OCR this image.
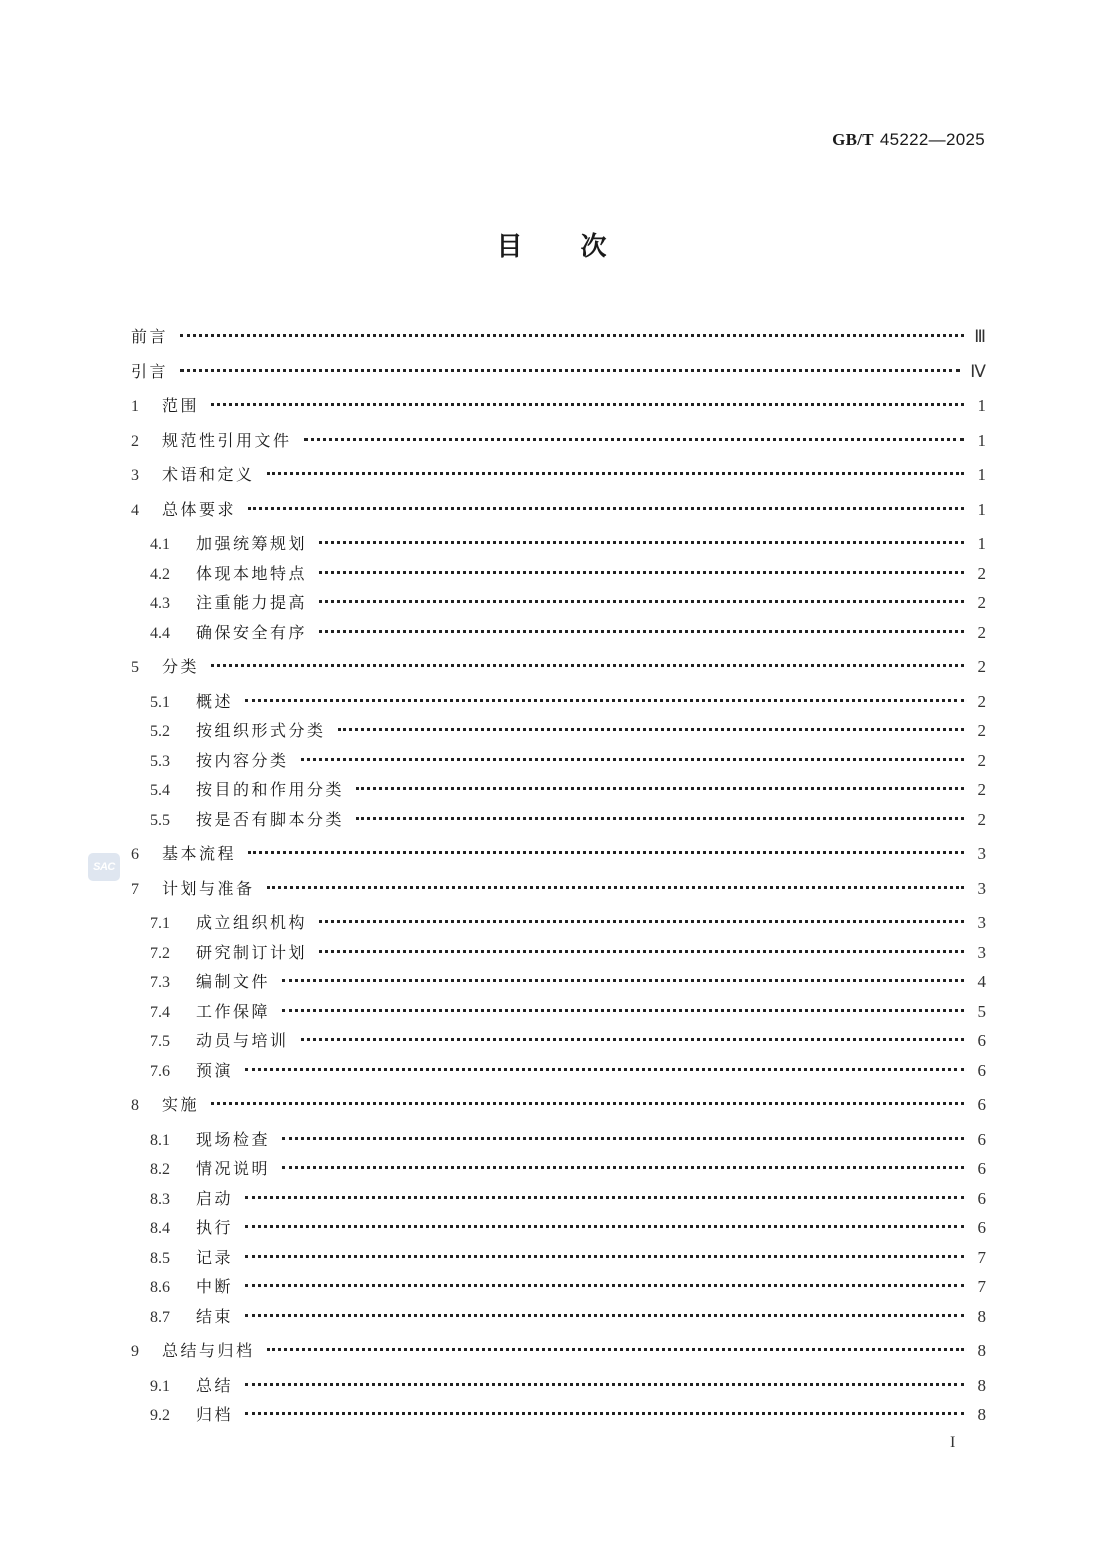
GB/T 45222—2025
目次
SAC
前言	Ⅲ
引言	Ⅳ
1	范围	1
2	规范性引用文件	1
3	术语和定义	1
4	总体要求	1
4.1	加强统筹规划	1
4.2	体现本地特点	2
4.3	注重能力提高	2
4.4	确保安全有序	2
5	分类	2
5.1	概述	2
5.2	按组织形式分类	2
5.3	按内容分类	2
5.4	按目的和作用分类	2
5.5	按是否有脚本分类	2
6	基本流程	3
7	计划与准备	3
7.1	成立组织机构	3
7.2	研究制订计划	3
7.3	编制文件	4
7.4	工作保障	5
7.5	动员与培训	6
7.6	预演	6
8	实施	6
8.1	现场检查	6
8.2	情况说明	6
8.3	启动	6
8.4	执行	6
8.5	记录	7
8.6	中断	7
8.7	结束	8
9	总结与归档	8
9.1	总结	8
9.2	归档	8
I
